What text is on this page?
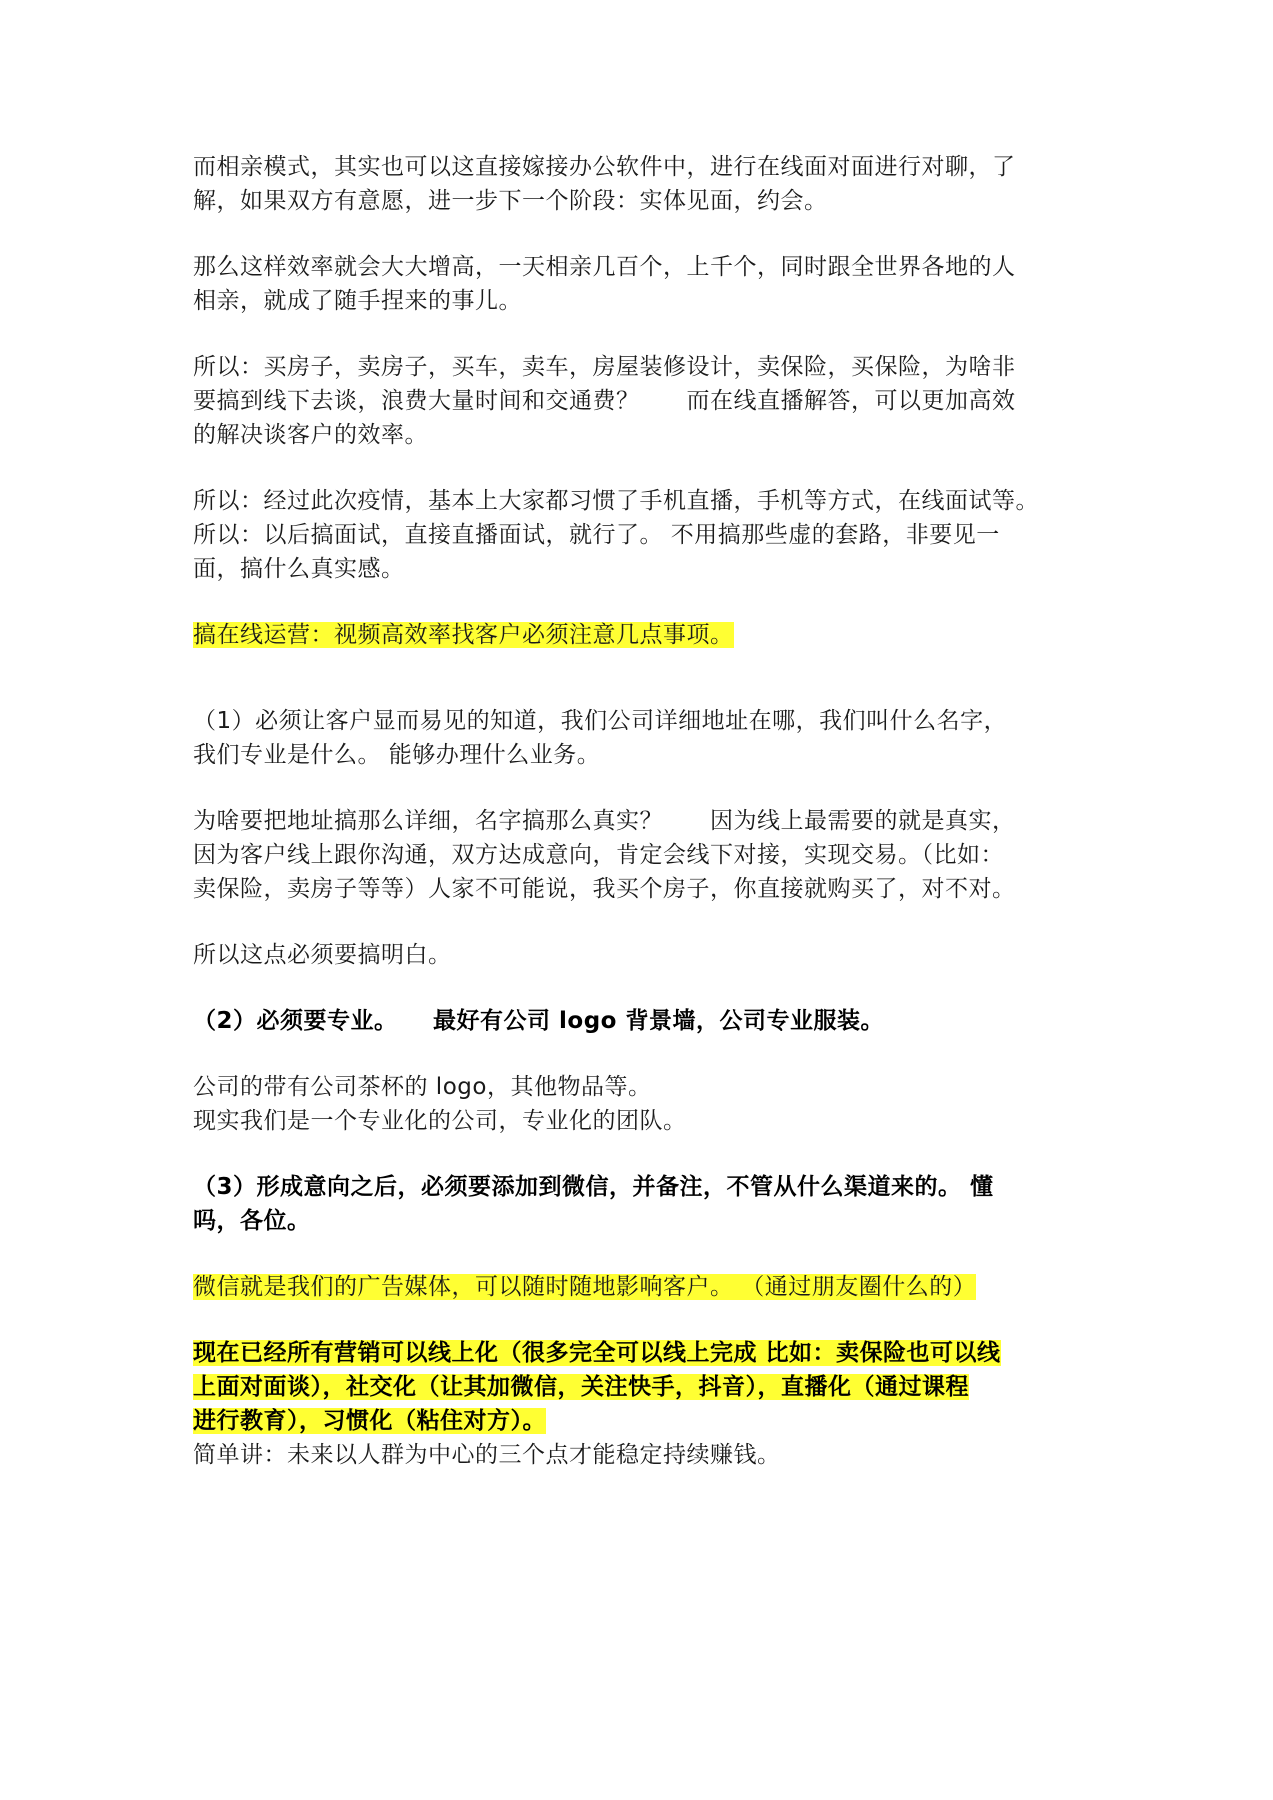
而相亲模式，其实也可以这直接嫁接办公软件中，进行在线面对面进行对聊，了
解，如果双方有意愿，进一步下一个阶段：实体见面，约会。

那么这样效率就会大大增高，一天相亲几百个，上千个，同时跟全世界各地的人
相亲，就成了随手捏来的事儿。

所以：买房子，卖房子，买车，卖车，房屋装修设计，卖保险，买保险，为啥非
要搞到线下去谈，浪费大量时间和交通费？　　而在线直播解答，可以更加高效
的解决谈客户的效率。

所以：经过此次疫情，基本上大家都习惯了手机直播，手机等方式，在线面试等。
所以：以后搞面试，直接直播面试，就行了。 不用搞那些虚的套路，非要见一
面，搞什么真实感。

搞在线运营：视频高效率找客户必须注意几点事项。

（1）必须让客户显而易见的知道，我们公司详细地址在哪，我们叫什么名字，
我们专业是什么。 能够办理什么业务。

为啥要把地址搞那么详细，名字搞那么真实？　　因为线上最需要的就是真实，
因为客户线上跟你沟通，双方达成意向，肯定会线下对接，实现交易。（比如：
卖保险，卖房子等等）人家不可能说，我买个房子，你直接就购买了，对不对。

所以这点必须要搞明白。

（2）必须要专业。　　最好有公司 logo 背景墙，公司专业服装。

公司的带有公司茶杯的 logo，其他物品等。
现实我们是一个专业化的公司，专业化的团队。

（3）形成意向之后，必须要添加到微信，并备注，不管从什么渠道来的。 懂
吗，各位。

微信就是我们的广告媒体，可以随时随地影响客户。 （通过朋友圈什么的）

现在已经所有营销可以线上化（很多完全可以线上完成 比如：卖保险也可以线
上面对面谈），社交化（让其加微信，关注快手，抖音），直播化（通过课程
进行教育），习惯化（粘住对方）。

简单讲：未来以人群为中心的三个点才能稳定持续赚钱。
